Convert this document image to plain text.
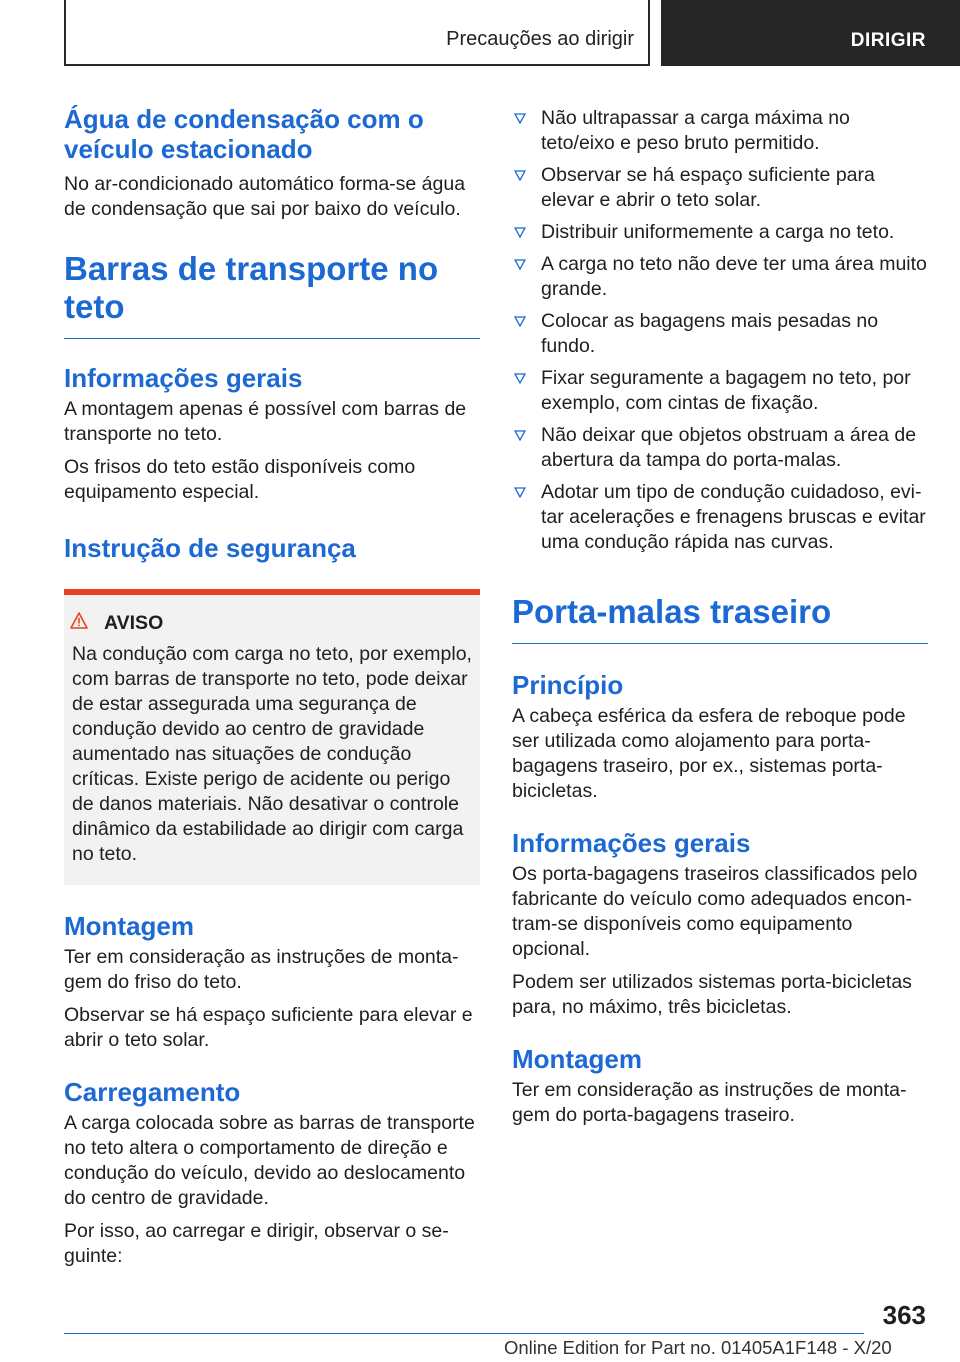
Precauções ao dirigir	DIRIGIR
Água de condensação com o veículo estacionado

No ar-condicionado automático forma-se água de condensação que sai por baixo do veículo.

Barras de transporte no teto
Informações gerais

A montagem apenas é possível com barras de transporte no teto.

Os frisos do teto estão disponíveis como equipamento especial.

Instrução de segurança
AVISO

Na condução com carga no teto, por exemplo, com barras de transporte no teto, pode deixar de estar assegurada uma segurança de condução devido ao centro de gravidade aumentado nas situações de condução críticas. Existe perigo de acidente ou perigo de danos materiais. Não desativar o controle dinâmico da estabilidade ao dirigir com carga no teto.

Montagem

Ter em consideração as instruções de montagem do friso do teto.

Observar se há espaço suficiente para elevar e abrir o teto solar.

Carregamento

A carga colocada sobre as barras de transporte no teto altera o comportamento de direção e condução do veículo, devido ao deslocamento do centro de gravidade.

Por isso, ao carregar e dirigir, observar o seguinte:

Não ultrapassar a carga máxima no teto/eixo e peso bruto permitido.
Observar se há espaço suficiente para elevar e abrir o teto solar.
Distribuir uniformemente a carga no teto.
A carga no teto não deve ter uma área muito grande.
Colocar as bagagens mais pesadas no fundo.
Fixar seguramente a bagagem no teto, por exemplo, com cintas de fixação.
Não deixar que objetos obstruam a área de abertura da tampa do porta-malas.
Adotar um tipo de condução cuidadoso, evitar acelerações e frenagens bruscas e evitar uma condução rápida nas curvas.
Porta-malas traseiro
Princípio

A cabeça esférica da esfera de reboque pode ser utilizada como alojamento para porta-bagagens traseiro, por ex., sistemas porta-bicicletas.

Informações gerais

Os porta-bagagens traseiros classificados pelo fabricante do veículo como adequados encontram-se disponíveis como equipamento opcional.

Podem ser utilizados sistemas porta-bicicletas para, no máximo, três bicicletas.

Montagem

Ter em consideração as instruções de montagem do porta-bagagens traseiro.

363
Online Edition for Part no. 01405A1F148 - X/20
